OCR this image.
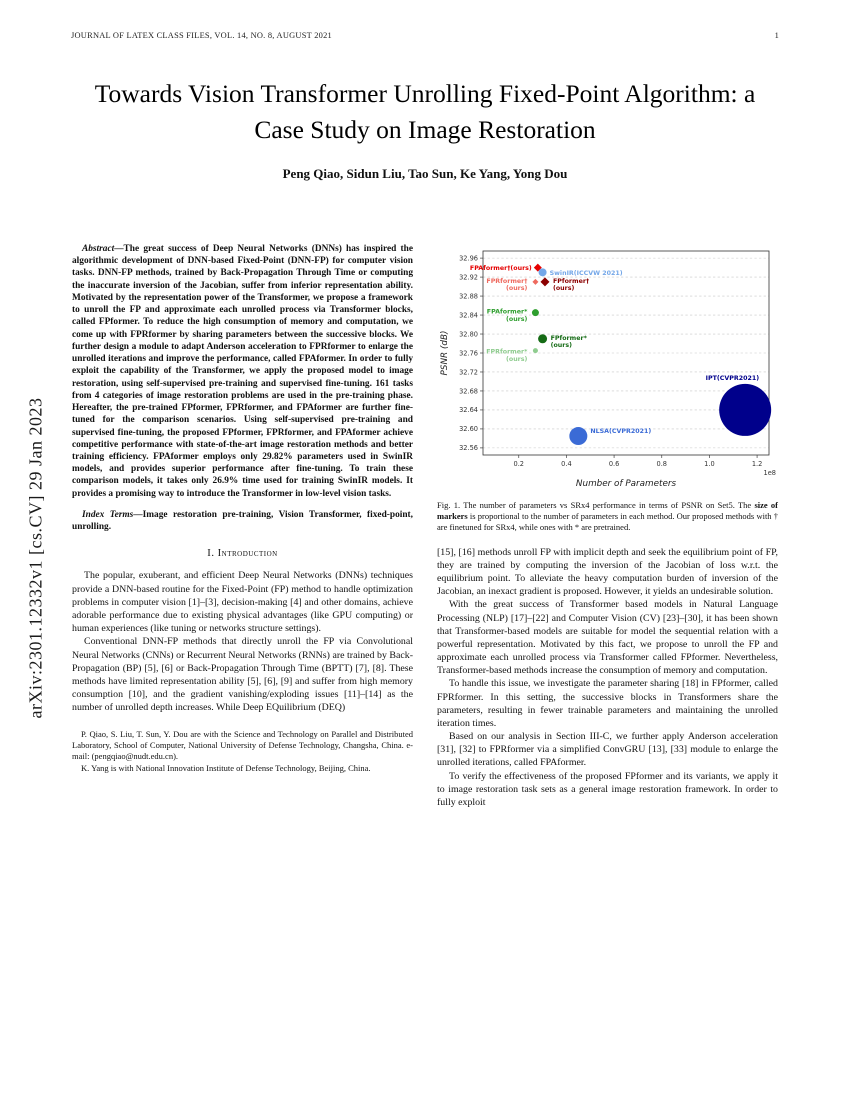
JOURNAL OF LATEX CLASS FILES, VOL. 14, NO. 8, AUGUST 2021	1
Towards Vision Transformer Unrolling Fixed-Point Algorithm: a Case Study on Image Restoration
Peng Qiao, Sidun Liu, Tao Sun, Ke Yang, Yong Dou
arXiv:2301.12332v1 [cs.CV] 29 Jan 2023

Abstract—The great success of Deep Neural Networks (DNNs) has inspired the algorithmic development of DNN-based Fixed-Point (DNN-FP) for computer vision tasks. DNN-FP methods, trained by Back-Propagation Through Time or computing the inaccurate inversion of the Jacobian, suffer from inferior representation ability. Motivated by the representation power of the Transformer, we propose a framework to unroll the FP and approximate each unrolled process via Transformer blocks, called FPformer. To reduce the high consumption of memory and computation, we come up with FPRformer by sharing parameters between the successive blocks. We further design a module to adapt Anderson acceleration to FPRformer to enlarge the unrolled iterations and improve the performance, called FPAformer. In order to fully exploit the capability of the Transformer, we apply the proposed model to image restoration, using self-supervised pre-training and supervised fine-tuning. 161 tasks from 4 categories of image restoration problems are used in the pre-training phase. Hereafter, the pre-trained FPformer, FPRformer, and FPAformer are further fine-tuned for the comparison scenarios. Using self-supervised pre-training and supervised fine-tuning, the proposed FPformer, FPRformer, and FPAformer achieve competitive performance with state-of-the-art image restoration methods and better training efficiency. FPAformer employs only 29.82% parameters used in SwinIR models, and provides superior performance after fine-tuning. To train these comparison models, it takes only 26.9% time used for training SwinIR models. It provides a promising way to introduce the Transformer in low-level vision tasks.

Index Terms—Image restoration pre-training, Vision Transformer, fixed-point, unrolling.

I. Introduction

The popular, exuberant, and efficient Deep Neural Networks (DNNs) techniques provide a DNN-based routine for the Fixed-Point (FP) method to handle optimization problems in computer vision [1]–[3], decision-making [4] and other domains, achieve adorable performance due to existing physical advantages (like GPU computing) or human experiences (like tuning or networks structure settings).

Conventional DNN-FP methods that directly unroll the FP via Convolutional Neural Networks (CNNs) or Recurrent Neural Networks (RNNs) are trained by Back-Propagation (BP) [5], [6] or Back-Propagation Through Time (BPTT) [7], [8]. These methods have limited representation ability [5], [6], [9] and suffer from high memory consumption [10], and the gradient vanishing/exploding issues [11]–[14] as the number of unrolled depth increases. While Deep EQuilibrium (DEQ)

P. Qiao, S. Liu, T. Sun, Y. Dou are with the Science and Technology on Parallel and Distributed Laboratory, School of Computer, National University of Defense Technology, Changsha, China. e-mail: (pengqiao@nudt.edu.cn).

K. Yang is with National Innovation Institute of Defense Technology, Beijing, China.

32.56
32.60
32.64
32.68
32.72
32.76
32.80
32.84
32.88
32.92
32.96
0.2	0.4	0.6	0.8	1.0	1.2
FPAformer†(ours)
SwinIR(ICCVW 2021)
FPRformer† (ours)
FPformer† (ours)
FPAformer* (ours)
FPformer* (ours)
FPRformer* (ours)
IPT(CVPR2021)
NLSA(CVPR2021)
Number of Parameters
PSNR (dB)
1e8

Fig. 1. The number of parameters vs SRx4 performance in terms of PSNR on Set5. The size of markers is proportional to the number of parameters in each method. Our proposed methods with † are finetuned for SRx4, while ones with * are pretrained.

[15], [16] methods unroll FP with implicit depth and seek the equilibrium point of FP, they are trained by computing the inversion of the Jacobian of loss w.r.t. the equilibrium point. To alleviate the heavy computation burden of inversion of the Jacobian, an inexact gradient is proposed. However, it yields an undesirable solution.

With the great success of Transformer based models in Natural Language Processing (NLP) [17]–[22] and Computer Vision (CV) [23]–[30], it has been shown that Transformer-based models are suitable for model the sequential relation with a powerful representation. Motivated by this fact, we propose to unroll the FP and approximate each unrolled process via Transformer called FPformer. Nevertheless, Transformer-based methods increase the consumption of memory and computation.

To handle this issue, we investigate the parameter sharing [18] in FPformer, called FPRformer. In this setting, the successive blocks in Transformers share the parameters, resulting in fewer trainable parameters and maintaining the unrolled iteration times.

Based on our analysis in Section III-C, we further apply Anderson acceleration [31], [32] to FPRformer via a simplified ConvGRU [13], [33] module to enlarge the unrolled iterations, called FPAformer.

To verify the effectiveness of the proposed FPformer and its variants, we apply it to image restoration task sets as a general image restoration framework. In order to fully exploit
